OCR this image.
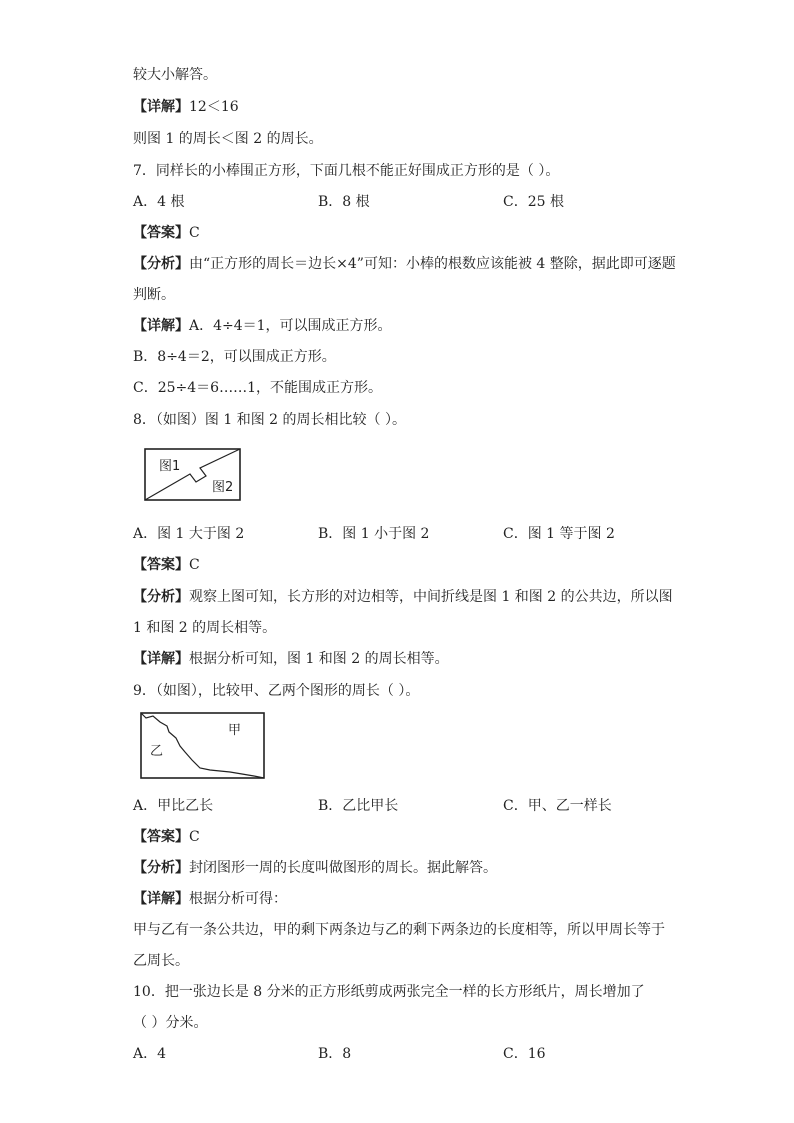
较大小解答。
【详解】12＜16
则图 1 的周长＜图 2 的周长。
7．同样长的小棒围正方形，下面几根不能正好围成正方形的是（ ）。
A．4 根	B．8 根	C．25 根
【答案】C
【分析】由“正方形的周长＝边长×4”可知：小棒的根数应该能被 4 整除，据此即可逐题
判断。
【详解】A．4÷4＝1，可以围成正方形。
B．8÷4＝2，可以围成正方形。
C．25÷4＝6……1，不能围成正方形。
8．（如图）图 1 和图 2 的周长相比较（ ）。
图1
图2
A．图 1 大于图 2	B．图 1 小于图 2	C．图 1 等于图 2
【答案】C
【分析】观察上图可知，长方形的对边相等，中间折线是图 1 和图 2 的公共边，所以图
1 和图 2 的周长相等。
【详解】根据分析可知，图 1 和图 2 的周长相等。
9．（如图），比较甲、乙两个图形的周长（ ）。
甲
乙
A．甲比乙长	B．乙比甲长	C．甲、乙一样长
【答案】C
【分析】封闭图形一周的长度叫做图形的周长。据此解答。
【详解】根据分析可得：
甲与乙有一条公共边，甲的剩下两条边与乙的剩下两条边的长度相等，所以甲周长等于
乙周长。
10．把一张边长是 8 分米的正方形纸剪成两张完全一样的长方形纸片，周长增加了
（ ）分米。
A．4	B．8	C．16
